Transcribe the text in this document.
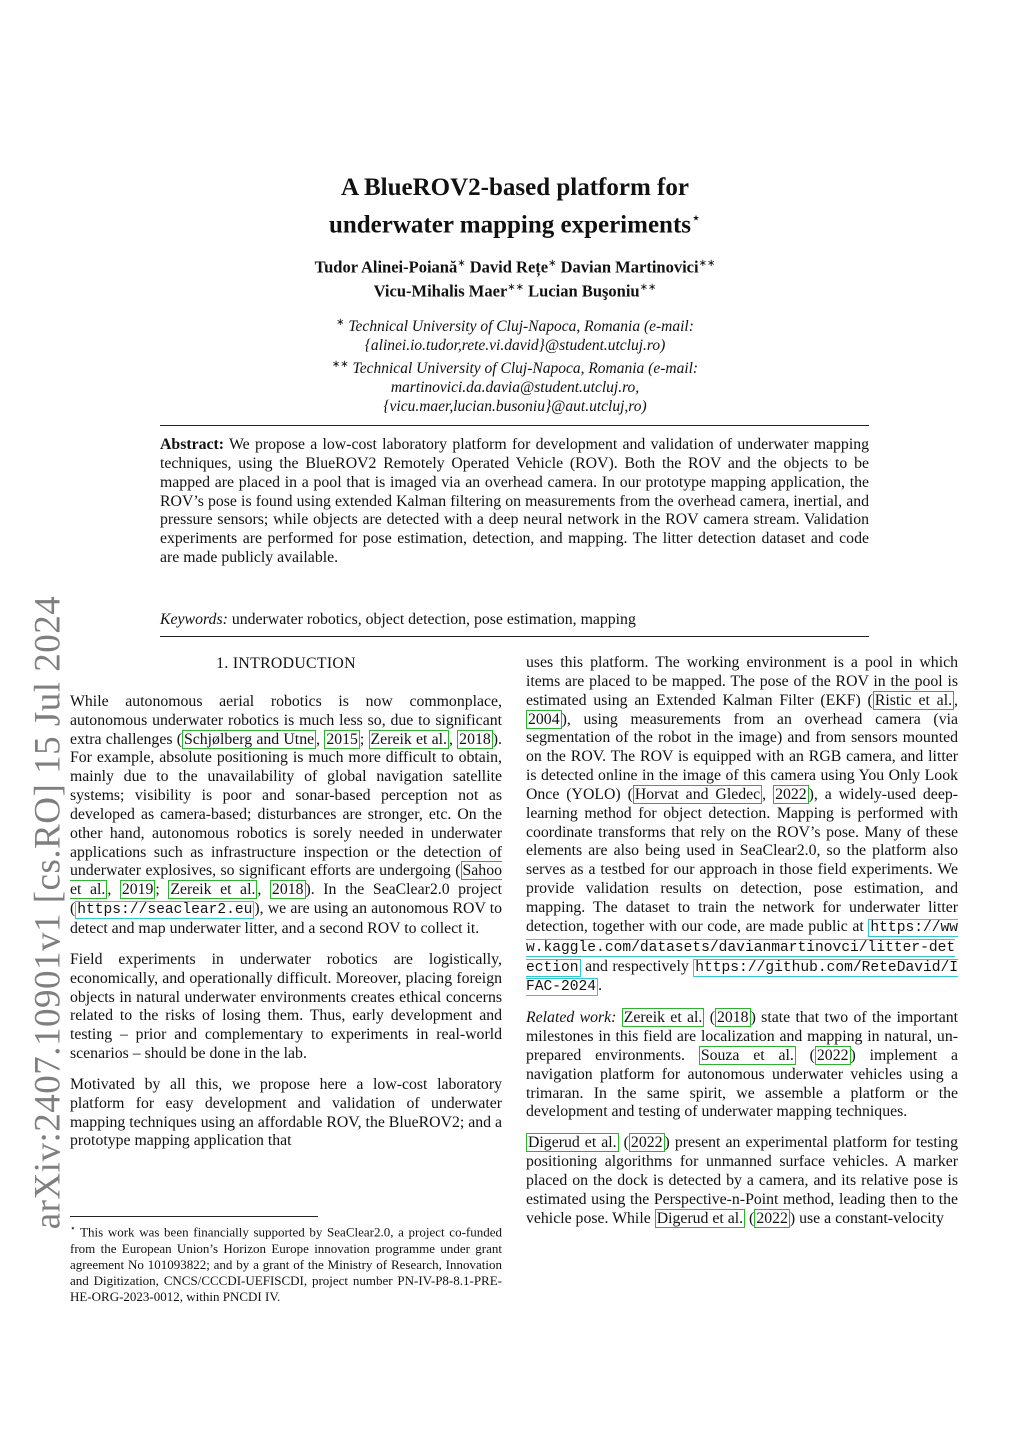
arXiv:2407.10901v1 [cs.RO] 15 Jul 2024
A BlueROV2-based platform for
underwater mapping experiments⋆
Tudor Alinei-Poiană∗ David Rețe∗ Davian Martinovici∗∗
Vicu-Mihalis Maer∗∗ Lucian Buşoniu∗∗
∗ Technical University of Cluj-Napoca, Romania (e-mail:
{alinei.io.tudor,rete.vi.david}@student.utcluj.ro)
∗∗ Technical University of Cluj-Napoca, Romania (e-mail:
martinovici.da.davia@student.utcluj.ro,
{vicu.maer,lucian.busoniu}@aut.utcluj,ro)
Abstract: We propose a low-cost laboratory platform for development and validation of underwater mapping techniques, using the BlueROV2 Remotely Operated Vehicle (ROV). Both the ROV and the objects to be mapped are placed in a pool that is imaged via an overhead camera. In our prototype mapping application, the ROV’s pose is found using extended Kalman filtering on measurements from the overhead camera, inertial, and pressure sensors; while objects are detected with a deep neural network in the ROV camera stream. Validation experiments are performed for pose estimation, detection, and mapping. The litter detection dataset and code are made publicly available.
Keywords: underwater robotics, object detection, pose estimation, mapping
1. INTRODUCTION

While autonomous aerial robotics is now commonplace, autonomous underwater robotics is much less so, due to significant extra challenges ( Schjølberg and Utne , 2015 ; Zereik et al. , 2018 ). For example, absolute positioning is much more difficult to obtain, mainly due to the unavailability of global navigation satellite systems; visibility is poor and sonar-based perception not as developed as camera-based; disturbances are stronger, etc. On the other hand, autonomous robotics is sorely needed in underwater applications such as infrastructure inspection or the detection of underwater explosives, so significant efforts are undergoing ( Sahoo et al. , 2019 ; Zereik et al. , 2018 ). In the SeaClear2.0 project ( https://seaclear2.eu ), we are using an autonomous ROV to detect and map underwater litter, and a second ROV to collect it.

Field experiments in underwater robotics are logistically, economically, and operationally difficult. Moreover, placing foreign objects in natural underwater environments creates ethical concerns related to the risks of losing them. Thus, early development and testing – prior and complementary to experiments in real-world scenarios – should be done in the lab.

Motivated by all this, we propose here a low-cost laboratory platform for easy development and validation of underwater mapping techniques using an affordable ROV, the BlueROV2; and a prototype mapping application that

⋆ This work was been financially supported by SeaClear2.0, a project co-funded from the European Union’s Horizon Europe innovation programme under grant agreement No 101093822; and by a grant of the Ministry of Research, Innovation and Digitization, CNCS/CCCDI-UEFISCDI, project number PN-IV-P8-8.1-PRE-HE-ORG-2023-0012, within PNCDI IV.

uses this platform. The working environment is a pool in which items are placed to be mapped. The pose of the ROV in the pool is estimated using an Extended Kalman Filter (EKF) ( Ristic et al. , 2004 ), using measurements from an overhead camera (via segmentation of the robot in the image) and from sensors mounted on the ROV. The ROV is equipped with an RGB camera, and litter is detected online in the image of this camera using You Only Look Once (YOLO) ( Horvat and Gledec , 2022 ), a widely-used deep-learning method for object detection. Mapping is performed with coordinate transforms that rely on the ROV’s pose. Many of these elements are also being used in SeaClear2.0, so the platform also serves as a testbed for our approach in those field experiments. We provide validation results on detection, pose estimation, and mapping. The dataset to train the network for underwater litter detection, together with our code, are made public at https://www.kaggle.com/datasets/davianmartinovci/litter-detection and respectively https://github.com/ReteDavid/IFAC-2024 .

Related work: Zereik et al. ( 2018 ) state that two of the important milestones in this field are localization and mapping in natural, un-prepared environments. Souza et al. ( 2022 ) implement a navigation platform for autonomous underwater vehicles using a trimaran. In the same spirit, we assemble a platform or the development and testing of underwater mapping techniques.

Digerud et al. ( 2022 ) present an experimental platform for testing positioning algorithms for unmanned surface vehicles. A marker placed on the dock is detected by a camera, and its relative pose is estimated using the Perspective-n-Point method, leading then to the vehicle pose. While Digerud et al. ( 2022 ) use a constant-velocity
